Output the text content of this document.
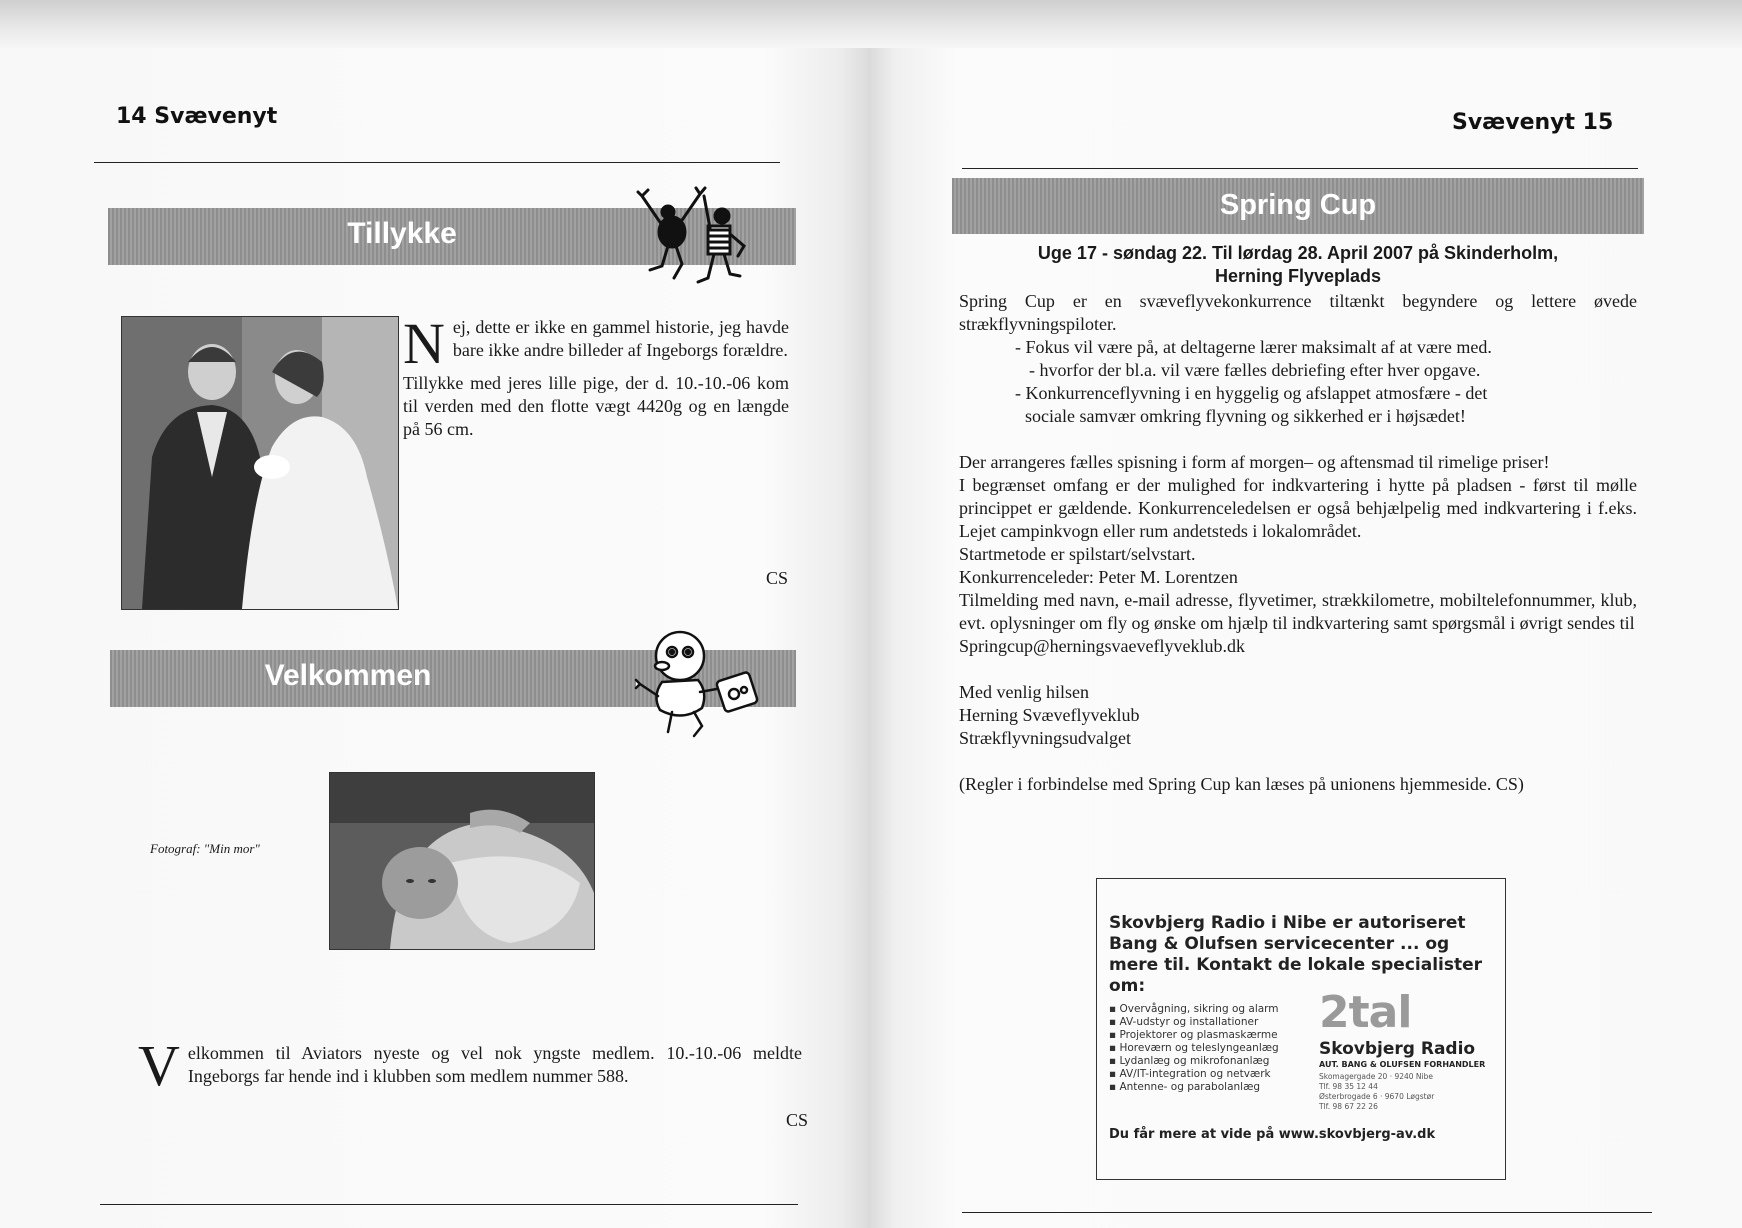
14 Svævenyt
Tillykke

Nej, dette er ikke en gammel historie, jeg havde bare ikke andre billeder af Ingeborgs forældre.

Tillykke med jeres lille pige, der d. 10.-10.-06 kom til verden med den flotte vægt 4420g og en længde på 56 cm.

CS
Velkommen
Fotograf: "Min mor"

Velkommen til Aviators nyeste og vel nok yngste medlem. 10.-10.-06 meldte Ingeborgs far hende ind i klubben som medlem nummer 588.

CS
Svævenyt 15
Spring Cup
Uge 17 - søndag 22. Til lørdag 28. April 2007 på Skinderholm,
Herning Flyveplads

Spring Cup er en svæveflyvekonkurrence tiltænkt begyndere og lettere øvede strækflyvningspiloter.

- Fokus vil være på, at deltagerne lærer maksimalt af at være med.
- hvorfor der bl.a. vil være fælles debriefing efter hver opgave.
- Konkurrenceflyvning i en hyggelig og afslappet atmosfære - det
sociale samvær omkring flyvning og sikkerhed er i højsædet!

Der arrangeres fælles spisning i form af morgen– og aftensmad til rimelige priser!

I begrænset omfang er der mulighed for indkvartering i hytte på pladsen - først til mølle princippet er gældende. Konkurrenceledelsen er også behjælpelig med indkvartering i f.eks. Lejet campinkvogn eller rum andetsteds i lokalområdet.

Startmetode er spilstart/selvstart.

Konkurrenceleder: Peter M. Lorentzen

Tilmelding med navn, e-mail adresse, flyvetimer, strækkilometre, mobiltelefonnummer, klub, evt. oplysninger om fly og ønske om hjælp til indkvartering samt spørgsmål i øvrigt sendes til

Springcup@herningsvaeveflyveklub.dk

Med venlig hilsen

Herning Svæveflyveklub

Strækflyvningsudvalget

(Regler i forbindelse med Spring Cup kan læses på unionens hjemmeside. CS)

Skovbjerg Radio i Nibe er autoriseret Bang & Olufsen servicecenter ... og mere til. Kontakt de lokale specialister om:
▪ Overvågning, sikring og alarm
▪ AV-udstyr og installationer
▪ Projektorer og plasmaskærme
▪ Horeværn og teleslyngeanlæg
▪ Lydanlæg og mikrofonanlæg
▪ AV/IT-integration og netværk
▪ Antenne- og parabolanlæg
2tal
Skovbjerg Radio
AUT. BANG & OLUFSEN FORHANDLER
Skomagergade 20 · 9240 Nibe
Tlf. 98 35 12 44
Østerbrogade 6 · 9670 Løgstør
Tlf. 98 67 22 26
Du får mere at vide på www.skovbjerg-av.dk
